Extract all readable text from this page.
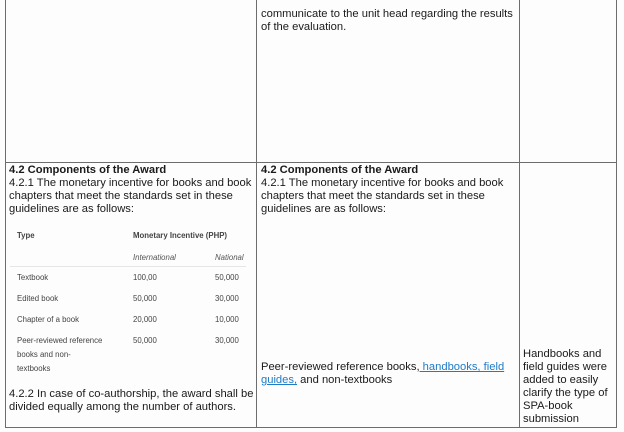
communicate to the unit head regarding the results
of the evaluation.
4.2 Components of the Award
4.2.1 The monetary incentive for books and book
chapters that meet the standards set in these
guidelines are as follows:
Type	Monetary Incentive (PHP)
International	National
Textbook	100,00	50,000
Edited book	50,000	30,000
Chapter of a book	20,000	10,000
Peer-reviewed reference
books and non-
textbooks
50,000	30,000
4.2.2 In case of co-authorship, the award shall be
divided equally among the number of authors.
4.2 Components of the Award
4.2.1 The monetary incentive for books and book
chapters that meet the standards set in these
guidelines are as follows:
Peer-reviewed reference books, handbooks, field
guides, and non-textbooks
Handbooks and
field guides were
added to easily
clarify the type of
SPA-book
submission
